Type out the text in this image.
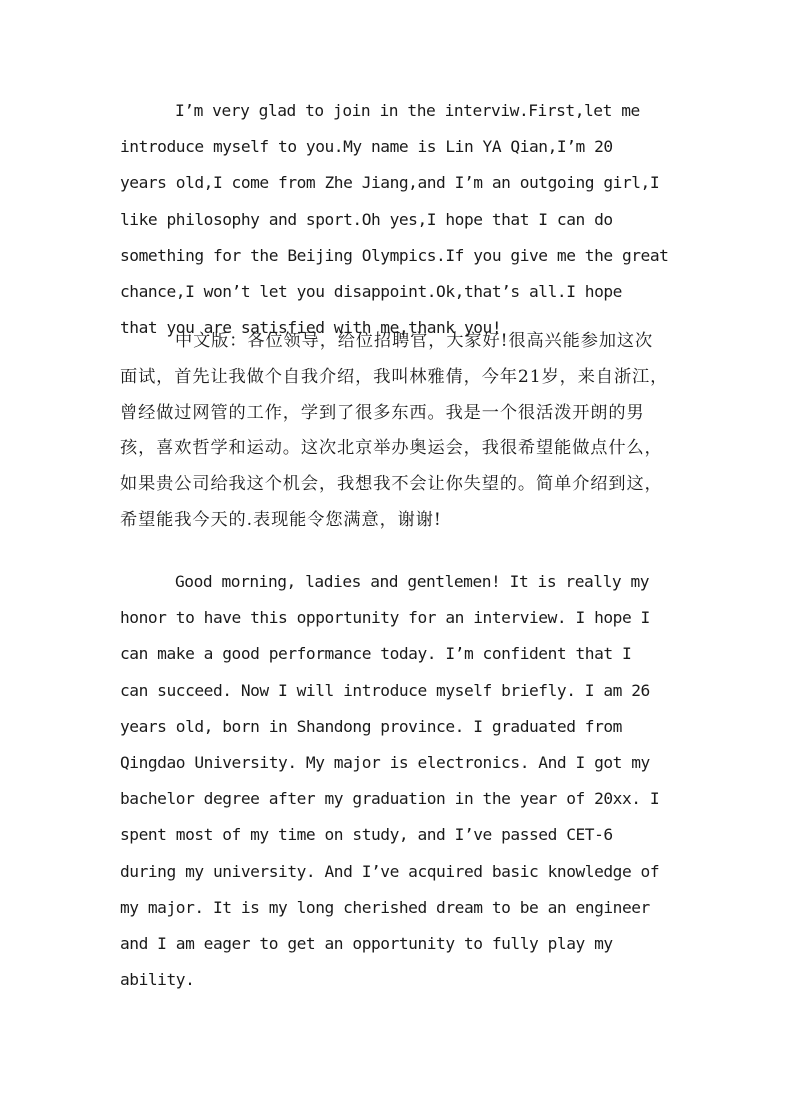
I’m very glad to join in the interviw.First,let me
introduce myself to you.My name is Lin YA Qian,I’m 20
years old,I come from Zhe Jiang,and I’m an outgoing girl,I
like philosophy and sport.Oh yes,I hope that I can do
something for the Beijing Olympics.If you give me the great
chance,I won’t let you disappoint.Ok,that’s all.I hope
that you are satisfied with me,thank you!
中文版：各位领导，给位招聘官，大家好!很高兴能参加这次
面试，首先让我做个自我介绍，我叫林雅倩，今年21岁，来自浙江，
曾经做过网管的工作，学到了很多东西。我是一个很活泼开朗的男
孩，喜欢哲学和运动。这次北京举办奥运会，我很希望能做点什么，
如果贵公司给我这个机会，我想我不会让你失望的。简单介绍到这，
希望能我今天的.表现能令您满意，谢谢!
Good morning, ladies and gentlemen! It is really my
honor to have this opportunity for an interview. I hope I
can make a good performance today. I’m confident that I
can succeed. Now I will introduce myself briefly. I am 26
years old, born in Shandong province. I graduated from
Qingdao University. My major is electronics. And I got my
bachelor degree after my graduation in the year of 20xx. I
spent most of my time on study, and I’ve passed CET-6
during my university. And I’ve acquired basic knowledge of
my major. It is my long cherished dream to be an engineer
and I am eager to get an opportunity to fully play my
ability.
